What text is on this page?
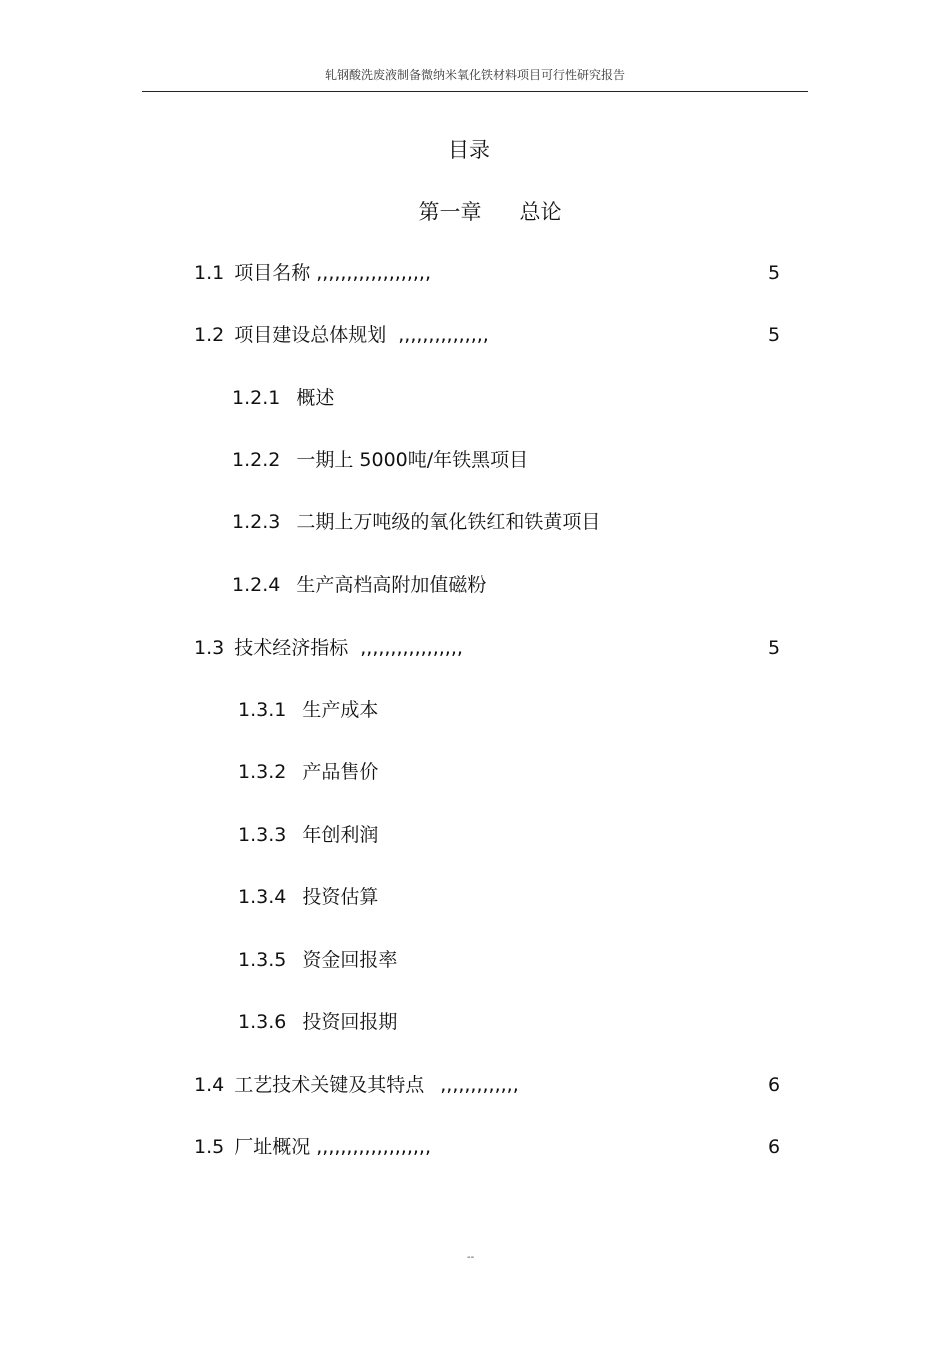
轧钢酸洗废液制备微纳米氧化铁材料项目可行性研究报告
目录
第一章 总论
1.1 项目名称 ,,,,,,,,,,,,,,,,,,,
1.2 项目建设总体规划 ,,,,,,,,,,,,,,,
1.2.1 概述
1.2.2 一期上 5000吨/年铁黑项目
1.2.3 二期上万吨级的氧化铁红和铁黄项目
1.2.4 生产高档高附加值磁粉
1.3 技术经济指标 ,,,,,,,,,,,,,,,,,
1.3.1 生产成本
1.3.2 产品售价
1.3.3 年创利润
1.3.4 投资估算
1.3.5 资金回报率
1.3.6 投资回报期
1.4 工艺技术关键及其特点 ,,,,,,,,,,,,,
1.5 厂址概况 ,,,,,,,,,,,,,,,,,,,
5
5
5
6
6
--
